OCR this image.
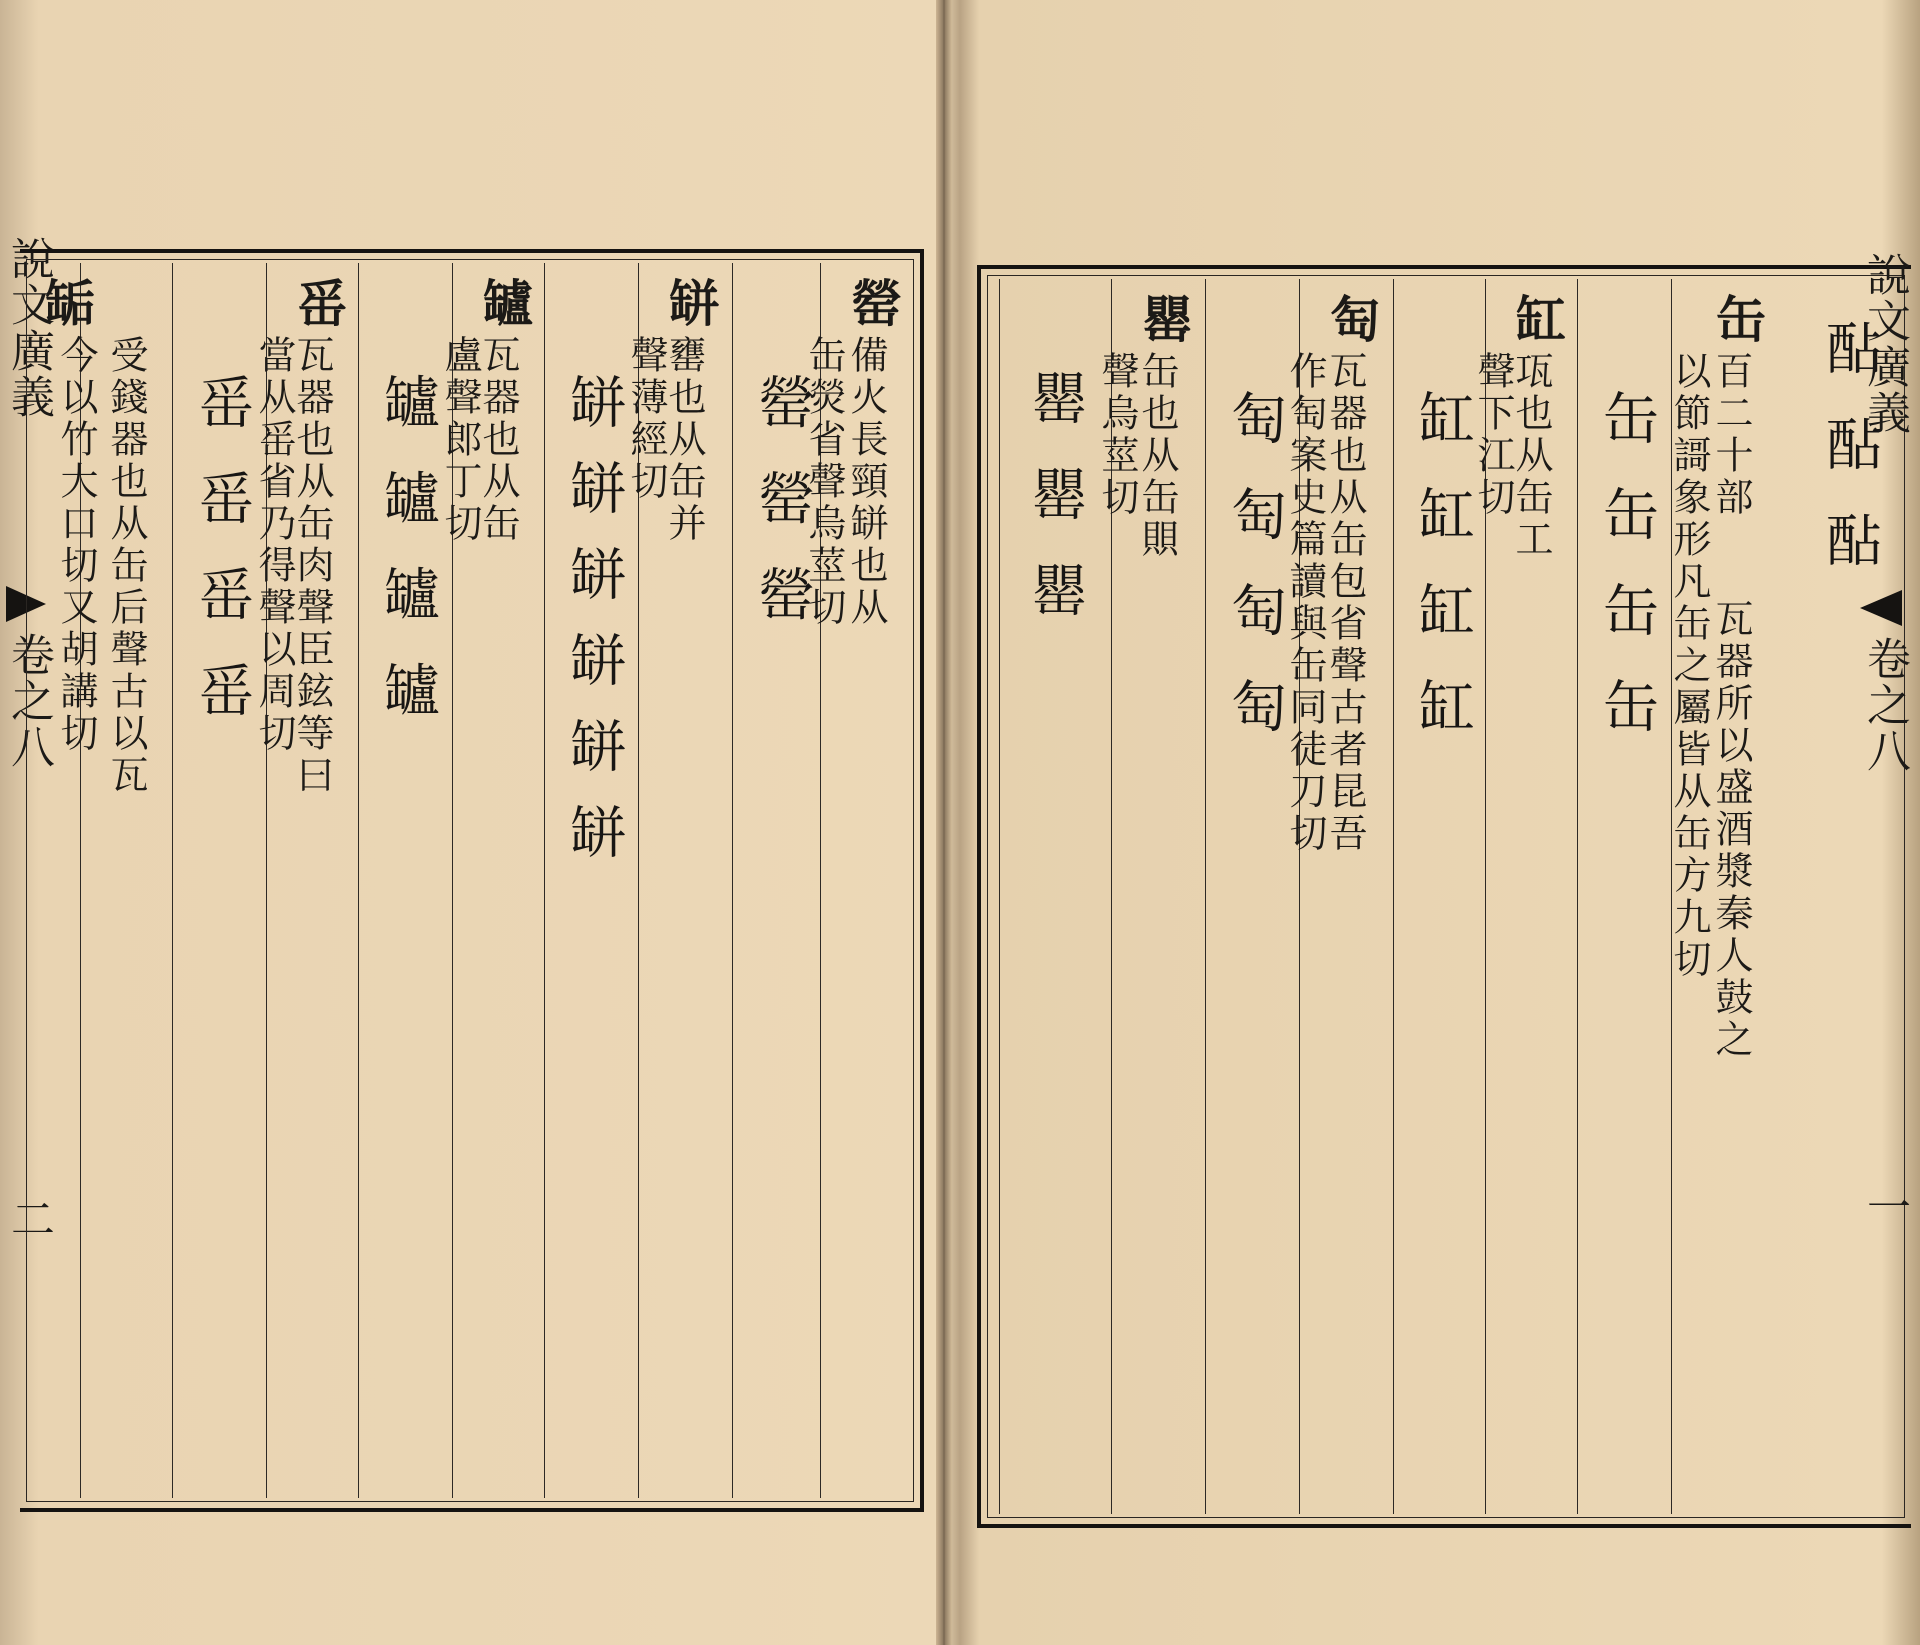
說文廣義
卷之八
二
罃
備火長頸缾也从
缶熒省聲烏莖切
罃罃罃
缾
罋也从缶并
聲薄經切
缾缾缾缾缾缾
罏
瓦器也从缶
盧聲郎丁切
罏罏罏罏
䍃
瓦器也从缶肉聲臣鉉等曰
當从䍃省乃得聲以周切
䍃䍃䍃䍃
缿
受錢器也从缶后聲古以瓦
今以竹大口切又胡講切	酟酟酟
缶
百二十部
以節謌象形凡缶之屬皆从缶方九切
瓦器所以盛酒漿秦人鼓之
缶缶缶缶
缸
瓨也从缶工
聲下江切
缸缸缸缸
匋
瓦器也从缶包省聲古者昆吾
作匋案史篇讀與缶同徒刀切
匋匋匋匋
罌
缶也从缶賏
聲烏莖切
罌罌罌
說文廣義
卷之八
一
